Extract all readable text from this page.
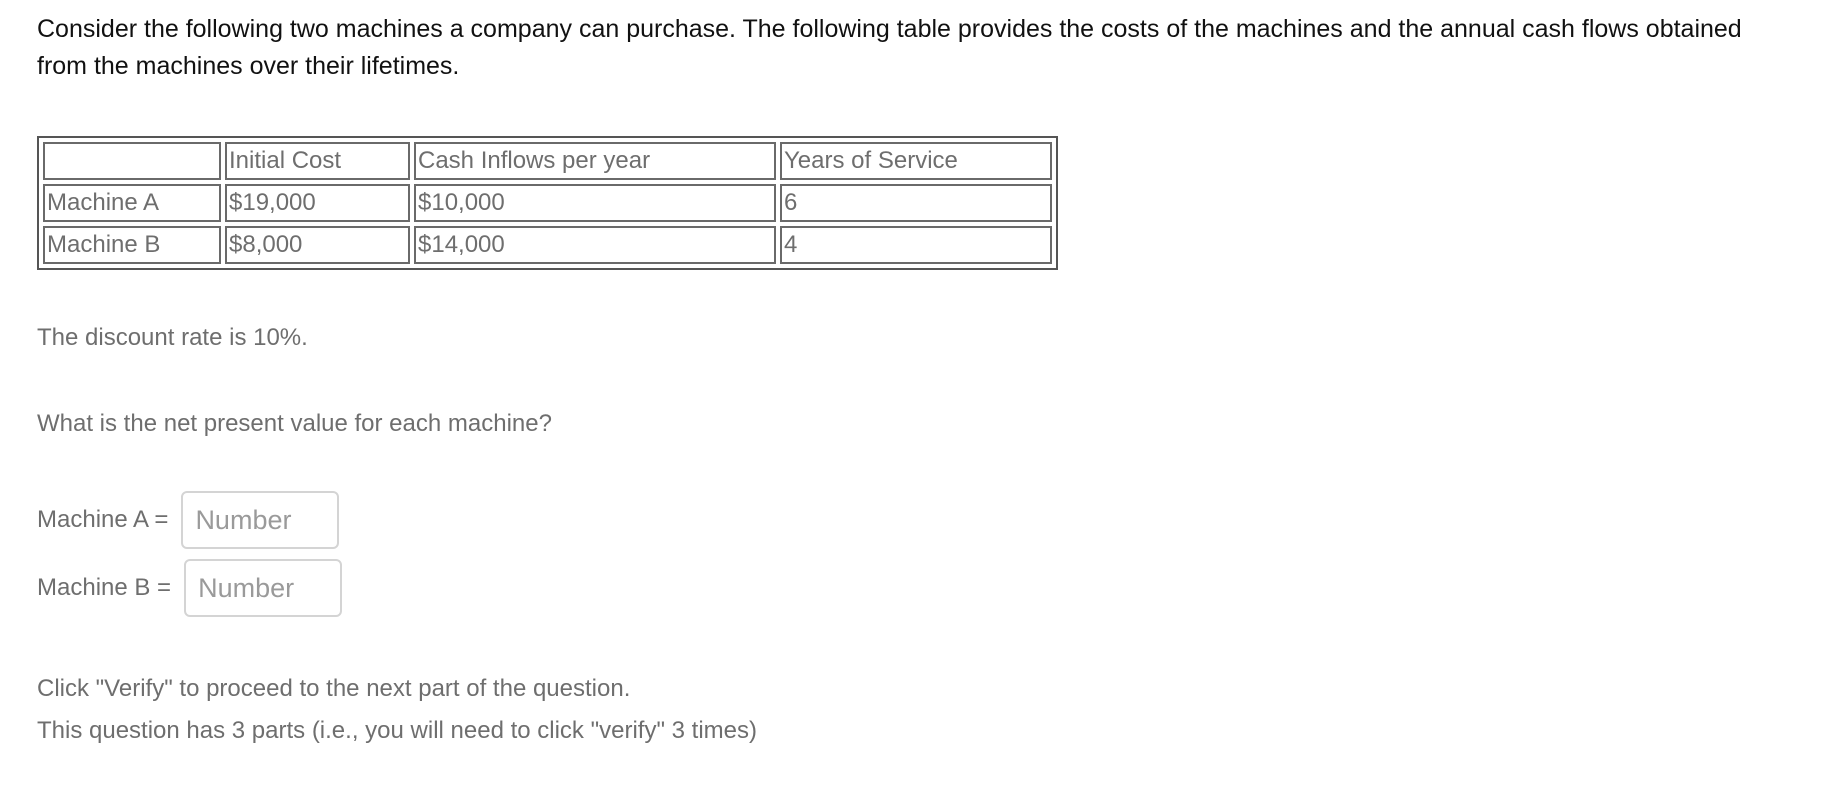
Consider the following two machines a company can purchase. The following table provides the costs of the machines and the annual cash flows obtained from the machines over their lifetimes.
	Initial Cost	Cash Inflows per year	Years of Service
Machine A	$19,000	$10,000	6
Machine B	$8,000	$14,000	4
The discount rate is 10%.
What is the net present value for each machine?
Machine A =
Number
Machine B =
Number
Click "Verify" to proceed to the next part of the question.
This question has 3 parts (i.e., you will need to click "verify" 3 times)
